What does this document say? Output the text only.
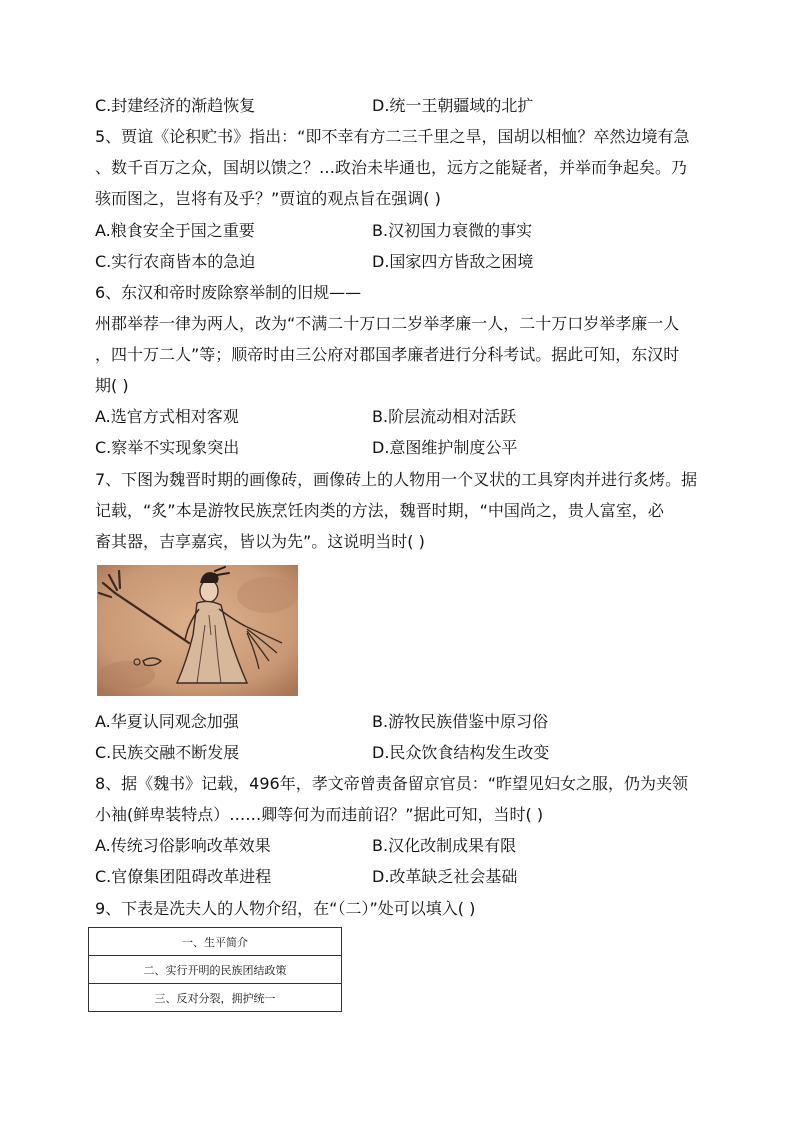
C.封建经济的渐趋恢复	D.统一王朝疆域的北扩
5、贾谊《论积贮书》指出：“即不幸有方二三千里之旱，国胡以相恤？卒然边境有急
、数千百万之众，国胡以馈之？…政治未毕通也，远方之能疑者，并举而争起矣。乃
骇而图之，岂将有及乎？”贾谊的观点旨在强调( )
A.粮食安全于国之重要	B.汉初国力衰微的事实
C.实行农商皆本的急迫	D.国家四方皆敌之困境
6、东汉和帝时废除察举制的旧规——
州郡举荐一律为两人，改为“不满二十万口二岁举孝廉一人，二十万口岁举孝廉一人
，四十万二人”等；顺帝时由三公府对郡国孝廉者进行分科考试。据此可知，东汉时
期( )
A.选官方式相对客观	B.阶层流动相对活跃
C.察举不实现象突出	D.意图维护制度公平
7、下图为魏晋时期的画像砖，画像砖上的人物用一个叉状的工具穿肉并进行炙烤。据
记载，“炙”本是游牧民族烹饪肉类的方法，魏晋时期，“中国尚之，贵人富室，必
畜其器，吉享嘉宾，皆以为先”。这说明当时( )
A.华夏认同观念加强	B.游牧民族借鉴中原习俗
C.民族交融不断发展	D.民众饮食结构发生改变
8、据《魏书》记载，496年，孝文帝曾责备留京官员：“昨望见妇女之服，仍为夹领
小袖(鲜卑装特点）……卿等何为而违前诏？”据此可知，当时( )
A.传统习俗影响改革效果	B.汉化改制成果有限
C.官僚集团阻碍改革进程	D.改革缺乏社会基础
9、下表是冼夫人的人物介绍，在“（二）”处可以填入( )
一、生平简介
二、实行开明的民族团结政策
三、反对分裂，拥护统一
